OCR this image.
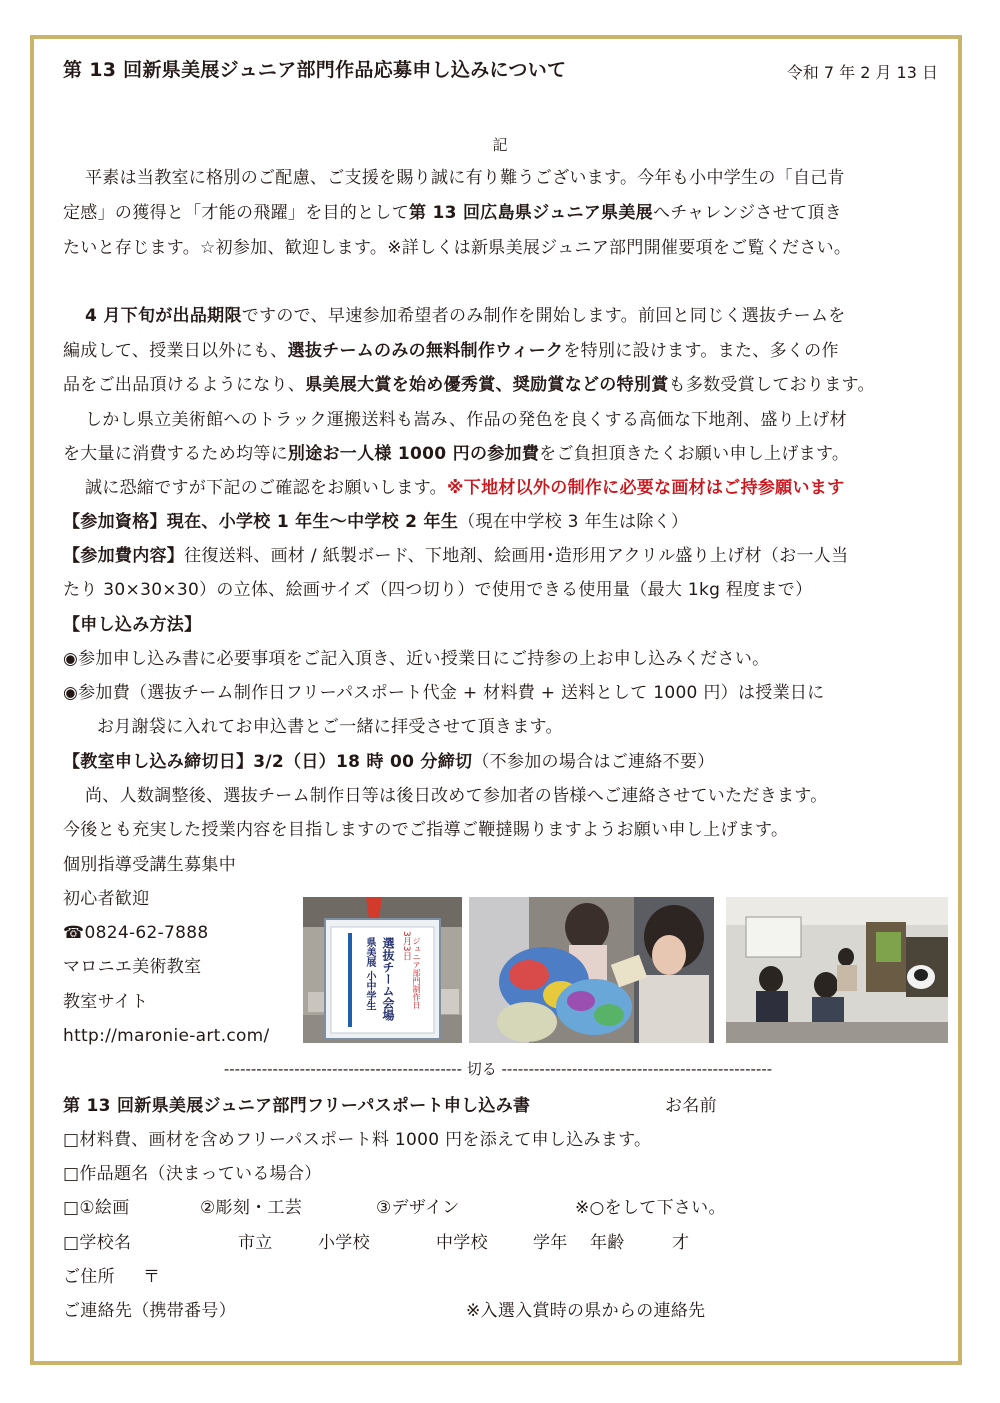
第 13 回新県美展ジュニア部門作品応募申し込みについて	令和 7 年 2 月 13 日
記
平素は当教室に格別のご配慮、ご支援を賜り誠に有り難うございます。今年も小中学生の「自己肯
定感」の獲得と「才能の飛躍」を目的として第 13 回広島県ジュニア県美展へチャレンジさせて頂き
たいと存じます。☆初参加、歓迎します。※詳しくは新県美展ジュニア部門開催要項をご覧ください。
4 月下旬が出品期限ですので、早速参加希望者のみ制作を開始します。前回と同じく選抜チームを
編成して、授業日以外にも、選抜チームのみの無料制作ウィークを特別に設けます。また、多くの作
品をご出品頂けるようになり、県美展大賞を始め優秀賞、奨励賞などの特別賞も多数受賞しております。
しかし県立美術館へのトラック運搬送料も嵩み、作品の発色を良くする高価な下地剤、盛り上げ材
を大量に消費するため均等に別途お一人様 1000 円の参加費をご負担頂きたくお願い申し上げます。
誠に恐縮ですが下記のご確認をお願いします。※下地材以外の制作に必要な画材はご持参願います
【参加資格】現在、小学校 1 年生～中学校 2 年生（現在中学校 3 年生は除く）
【参加費内容】往復送料、画材 / 紙製ボード、下地剤、絵画用･造形用アクリル盛り上げ材（お一人当
たり 30×30×30）の立体、絵画サイズ（四つ切り）で使用できる使用量（最大 1kg 程度まで）
【申し込み方法】
◉参加申し込み書に必要事項をご記入頂き、近い授業日にご持参の上お申し込みください。
◉参加費（選抜チーム制作日フリーパスポート代金 + 材料費 + 送料として 1000 円）は授業日に
お月謝袋に入れてお申込書とご一緒に拝受させて頂きます。
【教室申し込み締切日】3/2（日）18 時 00 分締切（不参加の場合はご連絡不要）
尚、人数調整後、選抜チーム制作日等は後日改めて参加者の皆様へご連絡させていただきます。
今後とも充実した授業内容を目指しますのでご指導ご鞭撻賜りますようお願い申し上げます。
個別指導受講生募集中
初心者歓迎
☎0824-62-7888
マロニエ美術教室
教室サイト
http://maronie-art.com/
県美展 小中学生
選抜チーム会場
3月3日 ジュニア部門制作日
-------------------------------------------- 切る --------------------------------------------------
第 13 回新県美展ジュニア部門フリーパスポート申し込み書	お名前
□材料費、画材を含めフリーパスポート料 1000 円を添えて申し込みます。
□作品題名（決まっている場合）
□①絵画	②彫刻・工芸	③デザイン	※○をして下さい。
□学校名	市立	小学校	中学校	学年 年齢	才
ご住所 〒
ご連絡先（携帯番号）	※入選入賞時の県からの連絡先
